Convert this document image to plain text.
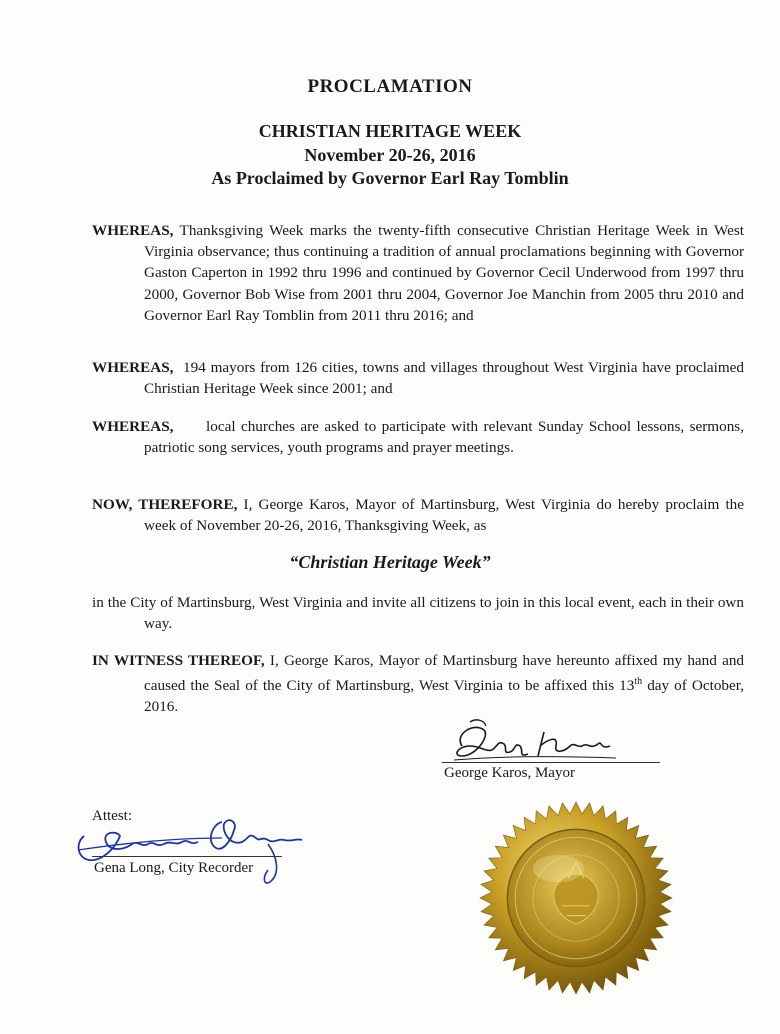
PROCLAMATION
CHRISTIAN HERITAGE WEEK
November 20-26, 2016
As Proclaimed by Governor Earl Ray Tomblin
WHEREAS, Thanksgiving Week marks the twenty-fifth consecutive Christian Heritage Week in West Virginia observance; thus continuing a tradition of annual proclamations beginning with Governor Gaston Caperton in 1992 thru 1996 and continued by Governor Cecil Underwood from 1997 thru 2000, Governor Bob Wise from 2001 thru 2004, Governor Joe Manchin from 2005 thru 2010 and Governor Earl Ray Tomblin from 2011 thru 2016; and
WHEREAS, 194 mayors from 126 cities, towns and villages throughout West Virginia have proclaimed Christian Heritage Week since 2001; and
WHEREAS, local churches are asked to participate with relevant Sunday School lessons, sermons, patriotic song services, youth programs and prayer meetings.
NOW, THEREFORE, I, George Karos, Mayor of Martinsburg, West Virginia do hereby proclaim the week of November 20-26, 2016, Thanksgiving Week, as
“Christian Heritage Week”
in the City of Martinsburg, West Virginia and invite all citizens to join in this local event, each in their own way.
IN WITNESS THEREOF, I, George Karos, Mayor of Martinsburg have hereunto affixed my hand and caused the Seal of the City of Martinsburg, West Virginia to be affixed this 13th day of October, 2016.
George Karos, Mayor
Attest:
Gena Long, City Recorder
